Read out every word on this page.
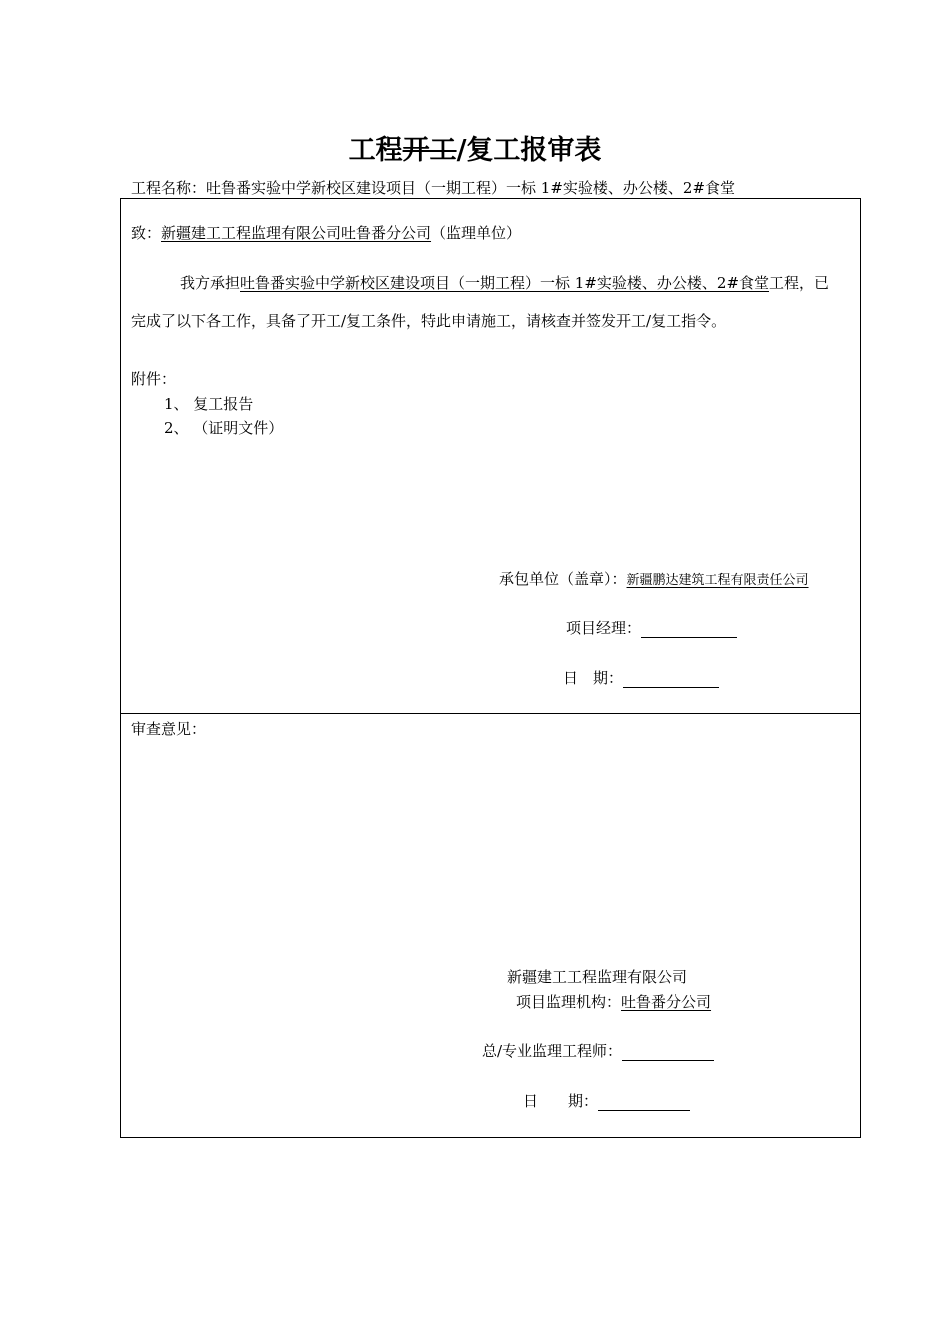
工程开工/复工报审表
工程名称：吐鲁番实验中学新校区建设项目（一期工程）一标 1#实验楼、办公楼、2#食堂
致：新疆建工工程监理有限公司吐鲁番分公司（监理单位）
我方承担吐鲁番实验中学新校区建设项目（一期工程）一标 1#实验楼、办公楼、2#食堂工程，已
完成了以下各工作，具备了开工/复工条件，特此申请施工，请核查并签发开工/复工指令。
附件：
1、 复工报告
2、 （证明文件）
承包单位（盖章）：新疆鹏达建筑工程有限责任公司
项目经理：
日　期：
审查意见：
新疆建工工程监理有限公司
项目监理机构：吐鲁番分公司
总/专业监理工程师：
日　　期：
